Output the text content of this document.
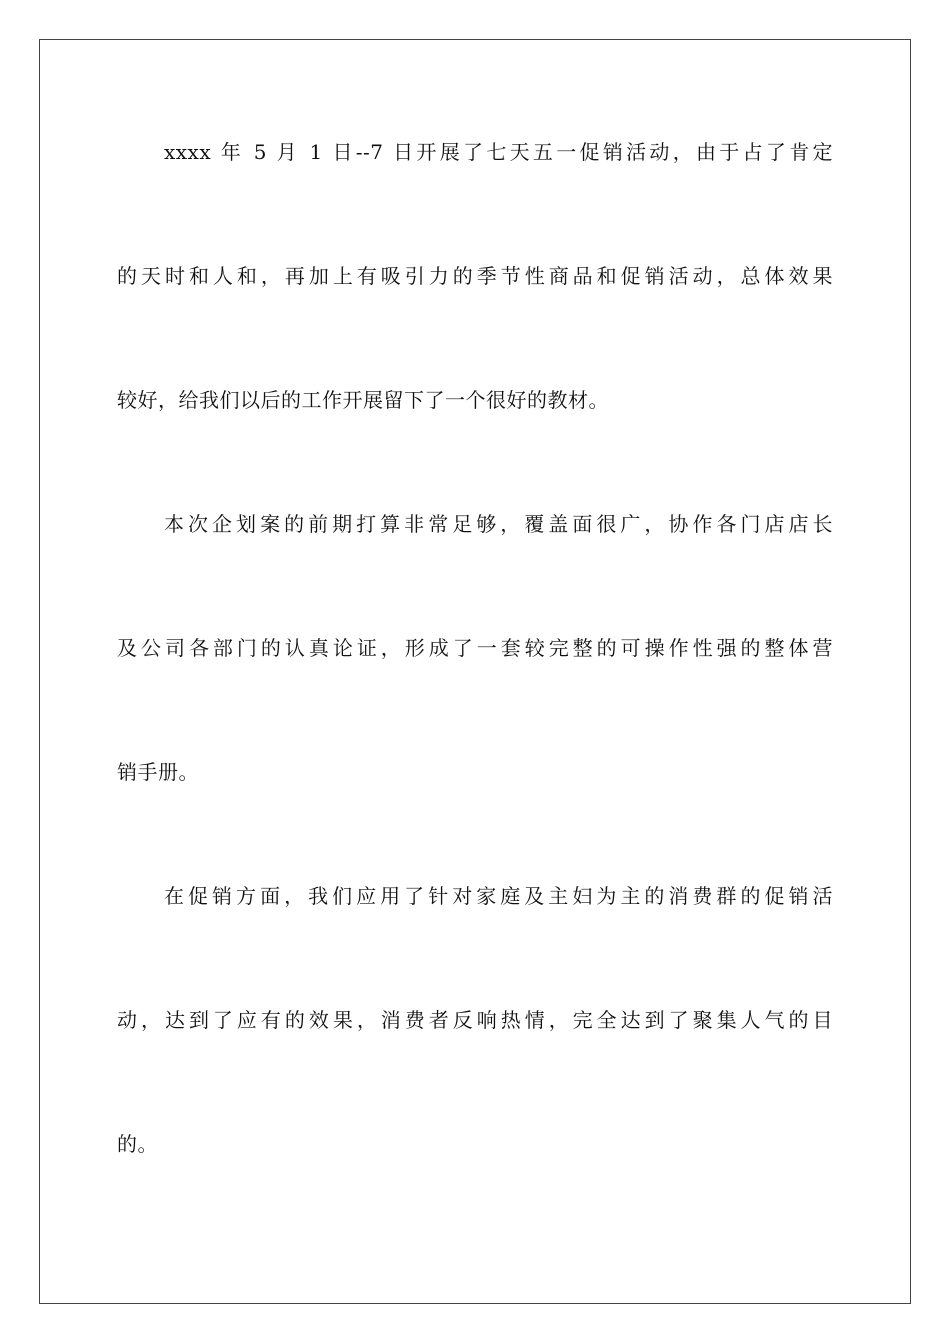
xxxx 年 5 月 1 日--7 日开展了七天五一促销活动，由于占了肯定
的天时和人和，再加上有吸引力的季节性商品和促销活动，总体效果
较好，给我们以后的工作开展留下了一个很好的教材。
本次企划案的前期打算非常足够，覆盖面很广，协作各门店店长
及公司各部门的认真论证，形成了一套较完整的可操作性强的整体营
销手册。
在促销方面，我们应用了针对家庭及主妇为主的消费群的促销活
动，达到了应有的效果，消费者反响热情，完全达到了聚集人气的目
的。
